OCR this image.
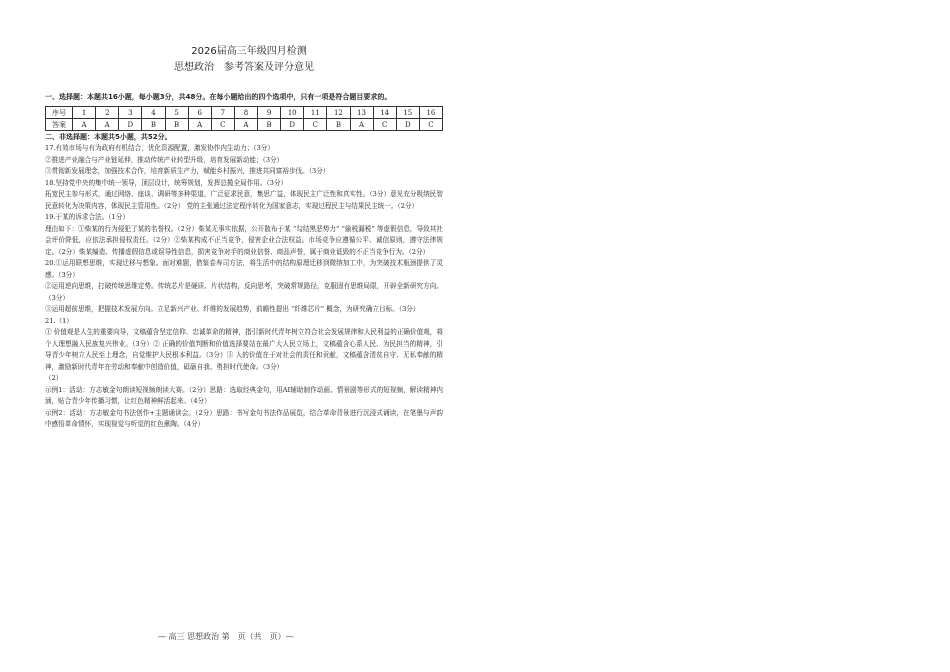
2026届高三年级四月检测
思想政治　参考答案及评分意见
一、选择题：本题共16小题，每小题3分，共48分。在每小题给出的四个选项中，只有一项是符合题目要求的。
序号	1	2	3	4	5	6	7	8	9	10	11	12	13	14	15	16
答案	A	A	D	B	B	A	C	A	B	D	C	B	A	C	D	C
二、非选择题：本题共5小题，共52分。
17.有效市场与有为政府有机结合，优化资源配置，激发协作内生动力；（3分）
②推进产业融合与产业链延伸，推动传统产业转型升级，培育发展新动能；（3分）
③贯彻新发展理念，加强技术合作，培育新质生产力，赋能乡村振兴，推进共同富裕步伐。（3分）
18.坚持党中央的集中统一领导，顶层设计，统筹规划，发挥总揽全局作用。（3分）
拓宽民主参与形式，通过网络、座谈、调研等多种渠道，广泛征求民意，集思广益，体现民主广泛性和真实性。（3分）意见充分吸纳民智民意转化为决策内容，体现民主管用性。（2分） 党的主张通过法定程序转化为国家意志，实现过程民主与结果民主统一。（2分）
19.于某的诉求合法。（1分）
理由如下：①柴某的行为侵犯了某的名誉权。（2分）柴某无事实依据，公开散布于某 “勾结黑恶势力” “偷税漏税” 等虚假信息，导致其社会评价降低，应依法承担侵权责任。（2分）②柴某构成不正当竞争，侵害企业合法权益。市场竞争应遵循公平、诚信原则，遵守法律规定。（2分）柴某编造、传播虚假信息或误导性信息，损害竞争对手的商业信誉、商品声誉，属于商业诋毁的不正当竞争行为。（2分）
20.①运用联想思维，实现迁移与想象。面对难题，借鉴卷寿司方法，将生活中的结构原理迁移到微纳加工中，为突破技术瓶颈提供了灵感。（3分）
②运用逆向思维，打破传统思维定势。传统芯片是硬质、片状结构，反向思考，突破常规路径，克服固有思维局限，开辟全新研究方向。（3分）
③运用超前思维，把握技术发展方向。立足新兴产业、纤维的发展趋势，前瞻性提出 “纤维芯片” 概念，为研究确立目标。（3分）
21.（1）
① 价值观是人生的重要向导，文稿蕴含坚定信仰、忠诚革命的精神，指引新时代青年树立符合社会发展规律和人民利益的正确价值观，将个人理想融入民族复兴伟业。（3分）② 正确的价值判断和价值选择要站在最广大人民立场上，文稿蕴含心系人民、为民担当的精神，引导青少年树立人民至上理念，自觉维护人民根本利益。（3分）③ 人的价值在于对社会的责任和贡献，文稿蕴含清贫自守、无私奉献的精神，激励新时代青年在劳动和奉献中创造价值，砥砺自我、勇担时代使命。（3分）
（2）
示例1：活动：方志敏金句朗读短视频朗读大赛。（2分）思路：选取经典金句，用AI辅助制作动画、情景剧等形式的短视频，解读精神内涵，贴合青少年传播习惯，让红色精神鲜活起来。（4分）
示例2：活动：方志敏金句书法创作+主题诵读会。（2分）思路：书写金句书法作品展览，结合革命背景进行沉浸式诵读，在笔墨与声韵中感悟革命情怀，实现视觉与听觉的红色熏陶。（4分）
— 高三 思想政治 第　页（共　页）—
